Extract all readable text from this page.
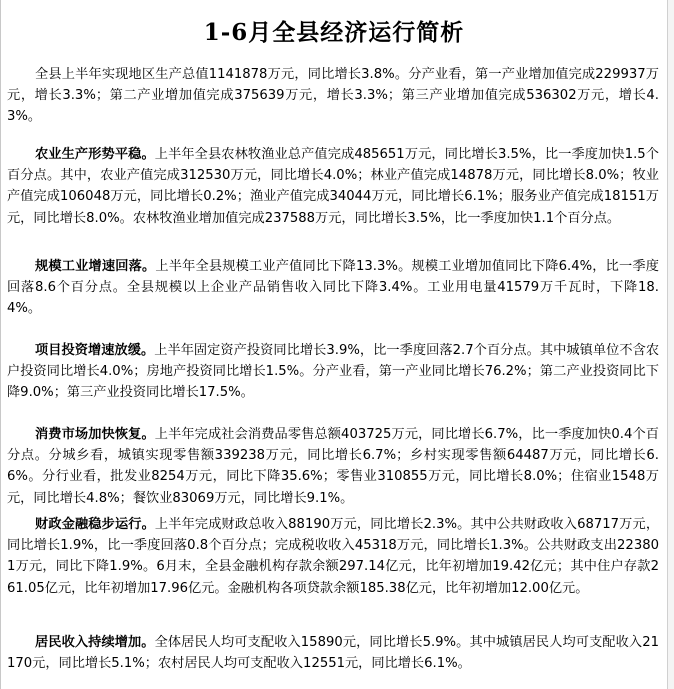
1-6月全县经济运行简析

全县上半年实现地区生产总值1141878万元，同比增长3.8%。分产业看，第一产业增加值完成229937万元，增长3.3%；第二产业增加值完成375639万元，增长3.3%；第三产业增加值完成536302万元，增长4.3%。

农业生产形势平稳。上半年全县农林牧渔业总产值完成485651万元，同比增长3.5%，比一季度加快1.5个百分点。其中，农业产值完成312530万元，同比增长4.0%；林业产值完成14878万元，同比增长8.0%；牧业产值完成106048万元，同比增长0.2%；渔业产值完成34044万元，同比增长6.1%；服务业产值完成18151万元，同比增长8.0%。农林牧渔业增加值完成237588万元，同比增长3.5%，比一季度加快1.1个百分点。

规模工业增速回落。上半年全县规模工业产值同比下降13.3%。规模工业增加值同比下降6.4%，比一季度回落8.6个百分点。全县规模以上企业产品销售收入同比下降3.4%。工业用电量41579万千瓦时，下降18.4%。

项目投资增速放缓。上半年固定资产投资同比增长3.9%，比一季度回落2.7个百分点。其中城镇单位不含农户投资同比增长4.0%；房地产投资同比增长1.5%。分产业看，第一产业同比增长76.2%；第二产业投资同比下降9.0%；第三产业投资同比增长17.5%。

消费市场加快恢复。上半年完成社会消费品零售总额403725万元，同比增长6.7%，比一季度加快0.4个百分点。分城乡看，城镇实现零售额339238万元，同比增长6.7%；乡村实现零售额64487万元，同比增长6.6%。分行业看，批发业8254万元，同比下降35.6%；零售业310855万元，同比增长8.0%；住宿业1548万元，同比增长4.8%；餐饮业83069万元，同比增长9.1%。

财政金融稳步运行。上半年完成财政总收入88190万元，同比增长2.3%。其中公共财政收入68717万元，同比增长1.9%，比一季度回落0.8个百分点；完成税收收入45318万元，同比增长1.3%。公共财政支出223801万元，同比下降1.9%。6月末，全县金融机构存款余额297.14亿元，比年初增加19.42亿元；其中住户存款261.05亿元，比年初增加17.96亿元。金融机构各项贷款余额185.38亿元，比年初增加12.00亿元。

居民收入持续增加。全体居民人均可支配收入15890元，同比增长5.9%。其中城镇居民人均可支配收入21170元，同比增长5.1%；农村居民人均可支配收入12551元，同比增长6.1%。
